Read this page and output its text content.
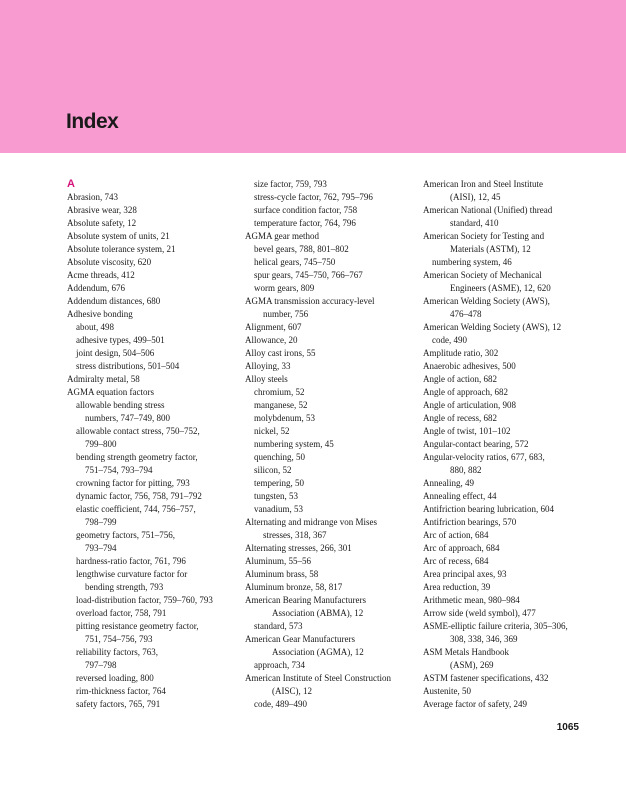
Index
A
Abrasion, 743
Abrasive wear, 328
Absolute safety, 12
Absolute system of units, 21
Absolute tolerance system, 21
Absolute viscosity, 620
Acme threads, 412
Addendum, 676
Addendum distances, 680
Adhesive bonding
about, 498
adhesive types, 499–501
joint design, 504–506
stress distributions, 501–504
Admiralty metal, 58
AGMA equation factors
allowable bending stress
numbers, 747–749, 800
allowable contact stress, 750–752,
799–800
bending strength geometry factor,
751–754, 793–794
crowning factor for pitting, 793
dynamic factor, 756, 758, 791–792
elastic coefficient, 744, 756–757,
798–799
geometry factors, 751–756,
793–794
hardness-ratio factor, 761, 796
lengthwise curvature factor for
bending strength, 793
load-distribution factor, 759–760, 793
overload factor, 758, 791
pitting resistance geometry factor,
751, 754–756, 793
reliability factors, 763,
797–798
reversed loading, 800
rim-thickness factor, 764
safety factors, 765, 791
size factor, 759, 793
stress-cycle factor, 762, 795–796
surface condition factor, 758
temperature factor, 764, 796
AGMA gear method
bevel gears, 788, 801–802
helical gears, 745–750
spur gears, 745–750, 766–767
worm gears, 809
AGMA transmission accuracy-level
number, 756
Alignment, 607
Allowance, 20
Alloy cast irons, 55
Alloying, 33
Alloy steels
chromium, 52
manganese, 52
molybdenum, 53
nickel, 52
numbering system, 45
quenching, 50
silicon, 52
tempering, 50
tungsten, 53
vanadium, 53
Alternating and midrange von Mises
stresses, 318, 367
Alternating stresses, 266, 301
Aluminum, 55–56
Aluminum brass, 58
Aluminum bronze, 58, 817
American Bearing Manufacturers
Association (ABMA), 12
standard, 573
American Gear Manufacturers
Association (AGMA), 12
approach, 734
American Institute of Steel Construction
(AISC), 12
code, 489–490
American Iron and Steel Institute
(AISI), 12, 45
American National (Unified) thread
standard, 410
American Society for Testing and
Materials (ASTM), 12
numbering system, 46
American Society of Mechanical
Engineers (ASME), 12, 620
American Welding Society (AWS),
476–478
American Welding Society (AWS), 12
code, 490
Amplitude ratio, 302
Anaerobic adhesives, 500
Angle of action, 682
Angle of approach, 682
Angle of articulation, 908
Angle of recess, 682
Angle of twist, 101–102
Angular-contact bearing, 572
Angular-velocity ratios, 677, 683,
880, 882
Annealing, 49
Annealing effect, 44
Antifriction bearing lubrication, 604
Antifriction bearings, 570
Arc of action, 684
Arc of approach, 684
Arc of recess, 684
Area principal axes, 93
Area reduction, 39
Arithmetic mean, 980–984
Arrow side (weld symbol), 477
ASME-elliptic failure criteria, 305–306,
308, 338, 346, 369
ASM Metals Handbook
(ASM), 269
ASTM fastener specifications, 432
Austenite, 50
Average factor of safety, 249
1065
